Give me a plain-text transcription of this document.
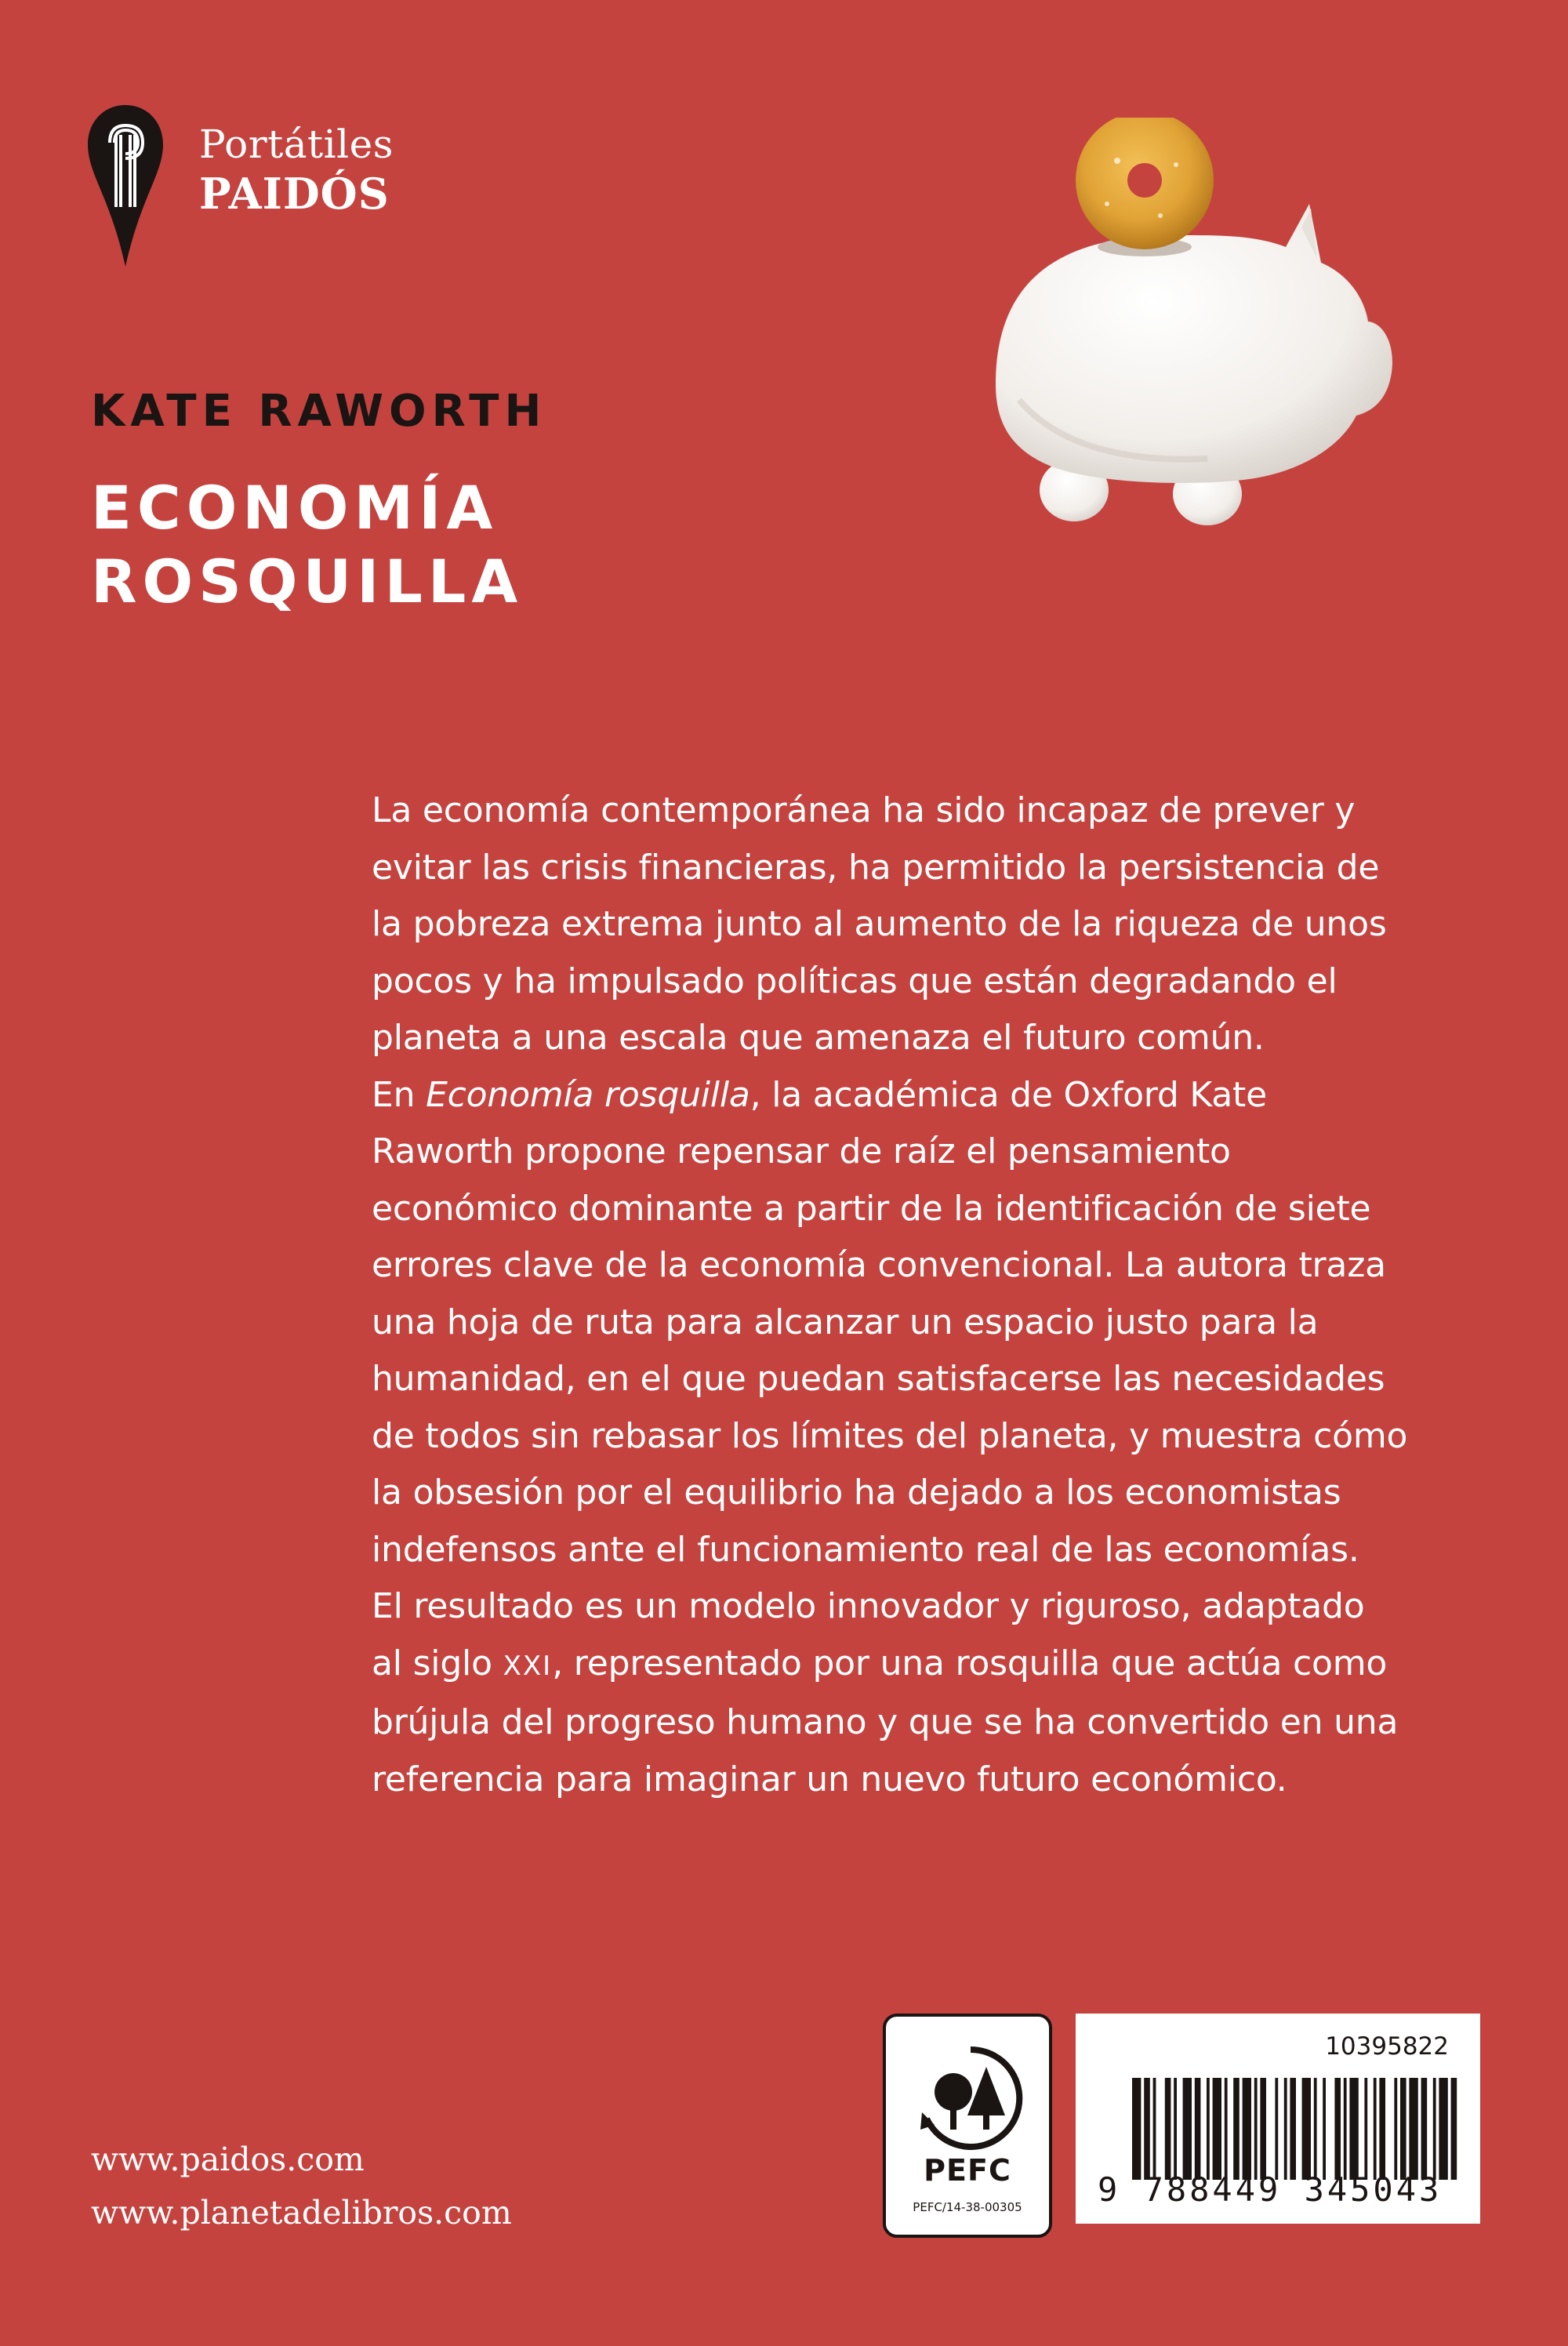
Portátiles
PAIDÓS
KATE RAWORTH
ECONOMÍA
ROSQUILLA
La economía contemporánea ha sido incapaz de prever y
evitar las crisis financieras, ha permitido la persistencia de
la pobreza extrema junto al aumento de la riqueza de unos
pocos y ha impulsado políticas que están degradando el
planeta a una escala que amenaza el futuro común.
En Economía rosquilla, la académica de Oxford Kate
Raworth propone repensar de raíz el pensamiento
económico dominante a partir de la identificación de siete
errores clave de la economía convencional. La autora traza
una hoja de ruta para alcanzar un espacio justo para la
humanidad, en el que puedan satisfacerse las necesidades
de todos sin rebasar los límites del planeta, y muestra cómo
la obsesión por el equilibrio ha dejado a los economistas
indefensos ante el funcionamiento real de las economías.
El resultado es un modelo innovador y riguroso, adaptado
al siglo XXI, representado por una rosquilla que actúa como
brújula del progreso humano y que se ha convertido en una
referencia para imaginar un nuevo futuro económico.
www.paidos.com
www.planetadelibros.com
PEFC
PEFC/14-38-00305
10395822
9 788449 345043
